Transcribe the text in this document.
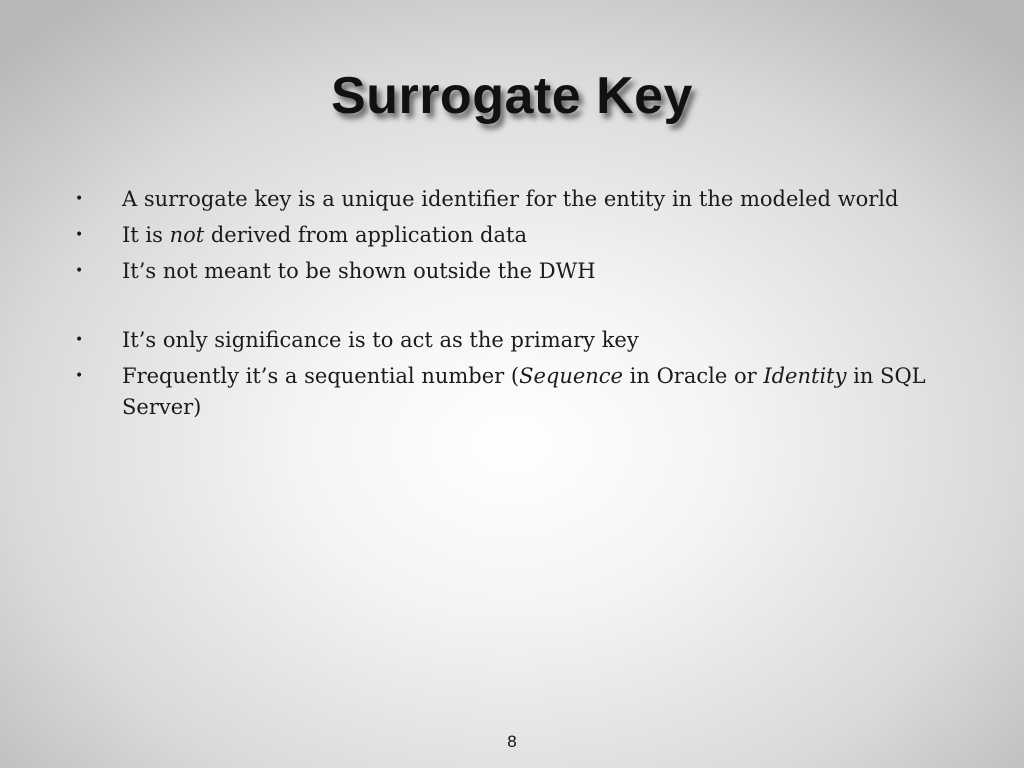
Surrogate Key
• A surrogate key is a unique identifier for the entity in the modeled world
• It is not derived from application data
• It’s not meant to be shown outside the DWH
• It’s only significance is to act as the primary key
• Frequently it’s a sequential number (Sequence in Oracle or Identity in SQL Server)
8
